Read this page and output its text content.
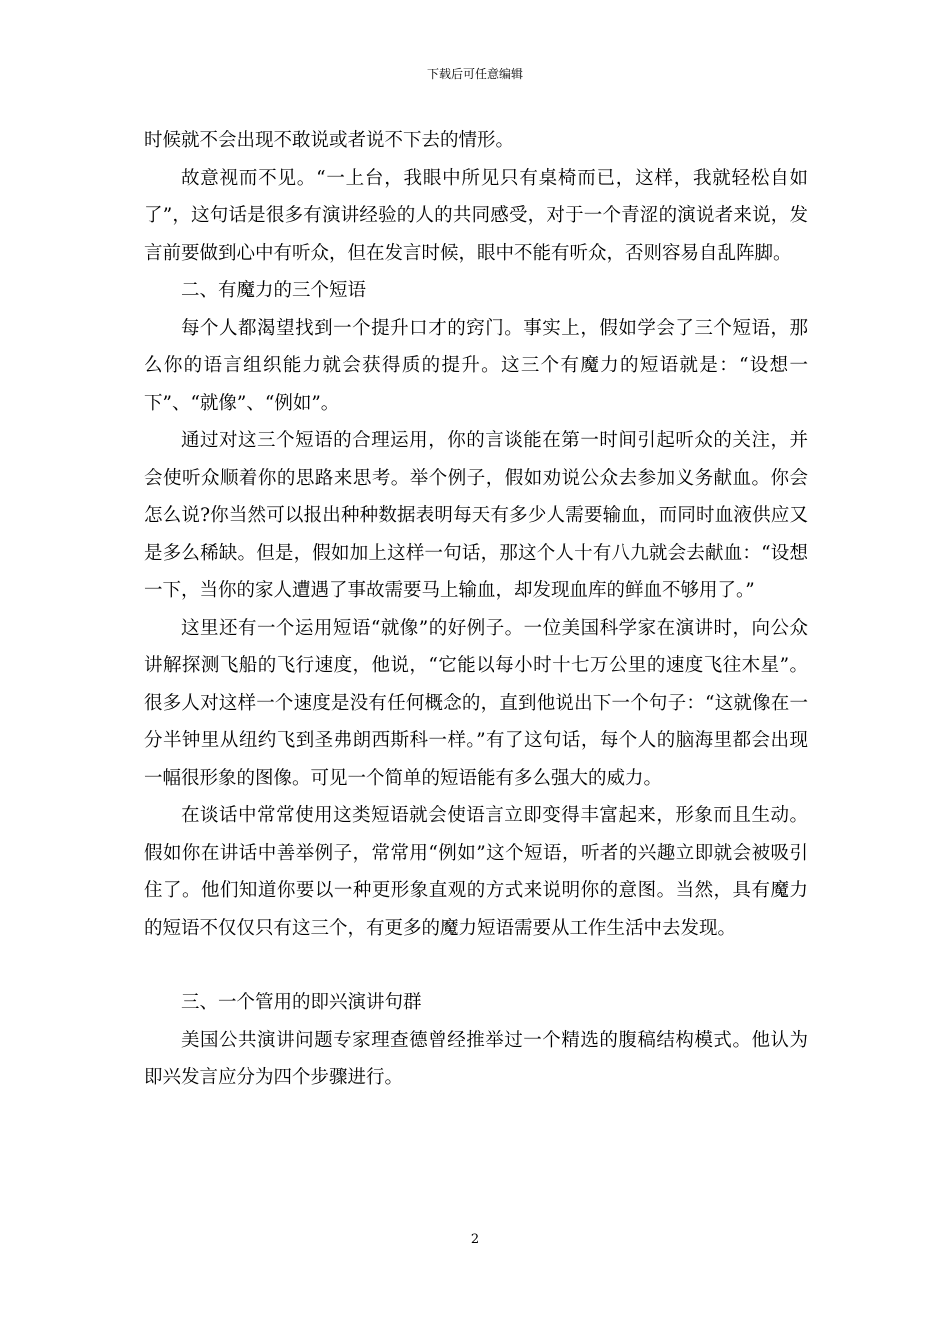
下载后可任意编辑

时候就不会出现不敢说或者说不下去的情形。

故意视而不见。“一上台，我眼中所见只有桌椅而已，这样，我就轻松自如了”，这句话是很多有演讲经验的人的共同感受，对于一个青涩的演说者来说，发言前要做到心中有听众，但在发言时候，眼中不能有听众，否则容易自乱阵脚。

二、有魔力的三个短语

每个人都渴望找到一个提升口才的窍门。事实上，假如学会了三个短语，那么你的语言组织能力就会获得质的提升。这三个有魔力的短语就是：“设想一下”、“就像”、“例如”。

通过对这三个短语的合理运用，你的言谈能在第一时间引起听众的关注，并会使听众顺着你的思路来思考。举个例子，假如劝说公众去参加义务献血。你会怎么说?你当然可以报出种种数据表明每天有多少人需要输血，而同时血液供应又是多么稀缺。但是，假如加上这样一句话，那这个人十有八九就会去献血：“设想一下，当你的家人遭遇了事故需要马上输血，却发现血库的鲜血不够用了。”

这里还有一个运用短语“就像”的好例子。一位美国科学家在演讲时，向公众讲解探测飞船的飞行速度，他说，“它能以每小时十七万公里的速度飞往木星”。很多人对这样一个速度是没有任何概念的，直到他说出下一个句子：“这就像在一分半钟里从纽约飞到圣弗朗西斯科一样。”有了这句话，每个人的脑海里都会出现一幅很形象的图像。可见一个简单的短语能有多么强大的威力。

在谈话中常常使用这类短语就会使语言立即变得丰富起来，形象而且生动。假如你在讲话中善举例子，常常用“例如”这个短语，听者的兴趣立即就会被吸引住了。他们知道你要以一种更形象直观的方式来说明你的意图。当然，具有魔力的短语不仅仅只有这三个，有更多的魔力短语需要从工作生活中去发现。

三、一个管用的即兴演讲句群

美国公共演讲问题专家理查德曾经推举过一个精选的腹稿结构模式。他认为即兴发言应分为四个步骤进行。

2
